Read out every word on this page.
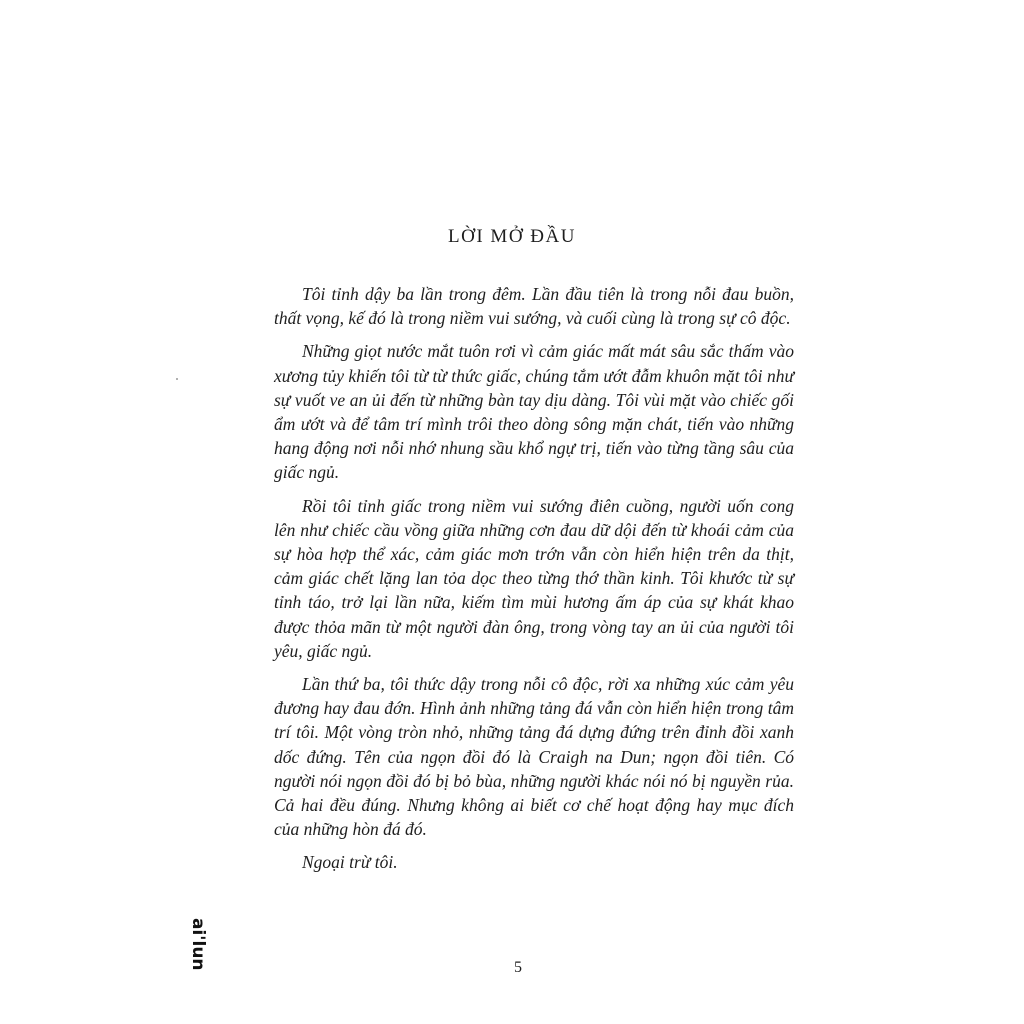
LỜI MỞ ĐẦU

Tôi tỉnh dậy ba lần trong đêm. Lần đầu tiên là trong nỗi đau buồn, thất vọng, kế đó là trong niềm vui sướng, và cuối cùng là trong sự cô độc.

Những giọt nước mắt tuôn rơi vì cảm giác mất mát sâu sắc thấm vào xương tủy khiến tôi từ từ thức giấc, chúng tắm ướt đẫm khuôn mặt tôi như sự vuốt ve an ủi đến từ những bàn tay dịu dàng. Tôi vùi mặt vào chiếc gối ẩm ướt và để tâm trí mình trôi theo dòng sông mặn chát, tiến vào những hang động nơi nỗi nhớ nhung sầu khổ ngự trị, tiến vào từng tầng sâu của giấc ngủ.

Rồi tôi tỉnh giấc trong niềm vui sướng điên cuồng, người uốn cong lên như chiếc cầu vồng giữa những cơn đau dữ dội đến từ khoái cảm của sự hòa hợp thể xác, cảm giác mơn trớn vẫn còn hiển hiện trên da thịt, cảm giác chết lặng lan tỏa dọc theo từng thớ thần kinh. Tôi khước từ sự tỉnh táo, trở lại lần nữa, kiếm tìm mùi hương ấm áp của sự khát khao được thỏa mãn từ một người đàn ông, trong vòng tay an ủi của người tôi yêu, giấc ngủ.

Lần thứ ba, tôi thức dậy trong nỗi cô độc, rời xa những xúc cảm yêu đương hay đau đớn. Hình ảnh những tảng đá vẫn còn hiển hiện trong tâm trí tôi. Một vòng tròn nhỏ, những tảng đá dựng đứng trên đỉnh đồi xanh dốc đứng. Tên của ngọn đồi đó là Craigh na Dun; ngọn đồi tiên. Có người nói ngọn đồi đó bị bỏ bùa, những người khác nói nó bị nguyền rủa. Cả hai đều đúng. Nhưng không ai biết cơ chế hoạt động hay mục đích của những hòn đá đó.

Ngoại trừ tôi.

ai'lun	5
